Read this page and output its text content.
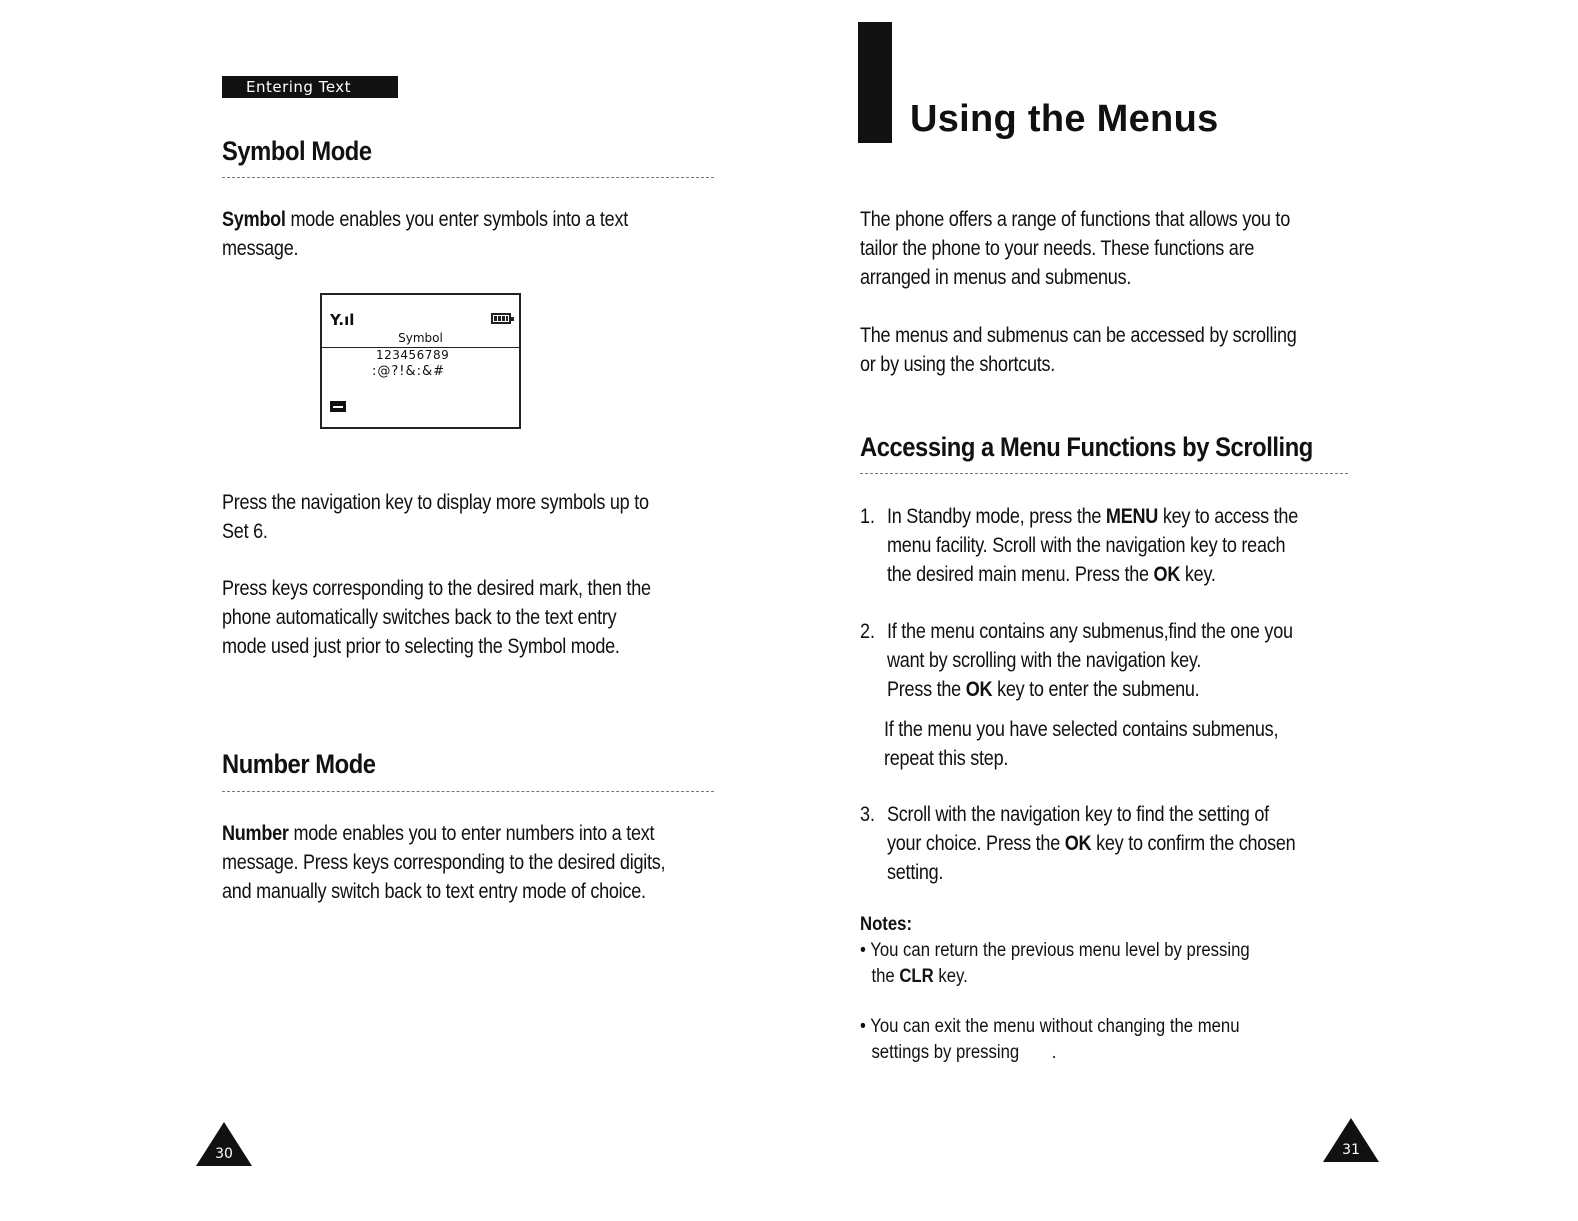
Entering Text
Symbol Mode
Symbol mode enables you enter symbols into a text
message.
Y.ıl
Symbol
123456789
:@?!&:&#
Press the navigation key to display more symbols up to
Set 6.
Press keys corresponding to the desired mark, then the
phone automatically switches back to the text entry
mode used just prior to selecting the Symbol mode.
Number Mode
Number mode enables you to enter numbers into a text
message. Press keys corresponding to the desired digits,
and manually switch back to text entry mode of choice.
30
Using the Menus
The phone offers a range of functions that allows you to
tailor the phone to your needs. These functions are
arranged in menus and submenus.
The menus and submenus can be accessed by scrolling
or by using the shortcuts.
Accessing a Menu Functions by Scrolling
1. In Standby mode, press the MENU key to access the
menu facility. Scroll with the navigation key to reach
the desired main menu. Press the OK key.
2. If the menu contains any submenus,find the one you
want by scrolling with the navigation key.
Press the OK key to enter the submenu.
If the menu you have selected contains submenus,
repeat this step.
3. Scroll with the navigation key to find the setting of
your choice. Press the OK key to confirm the chosen
setting.
Notes:
• You can return the previous menu level by pressing
the CLR key.
• You can exit the menu without changing the menu
settings by pressing       .
31
